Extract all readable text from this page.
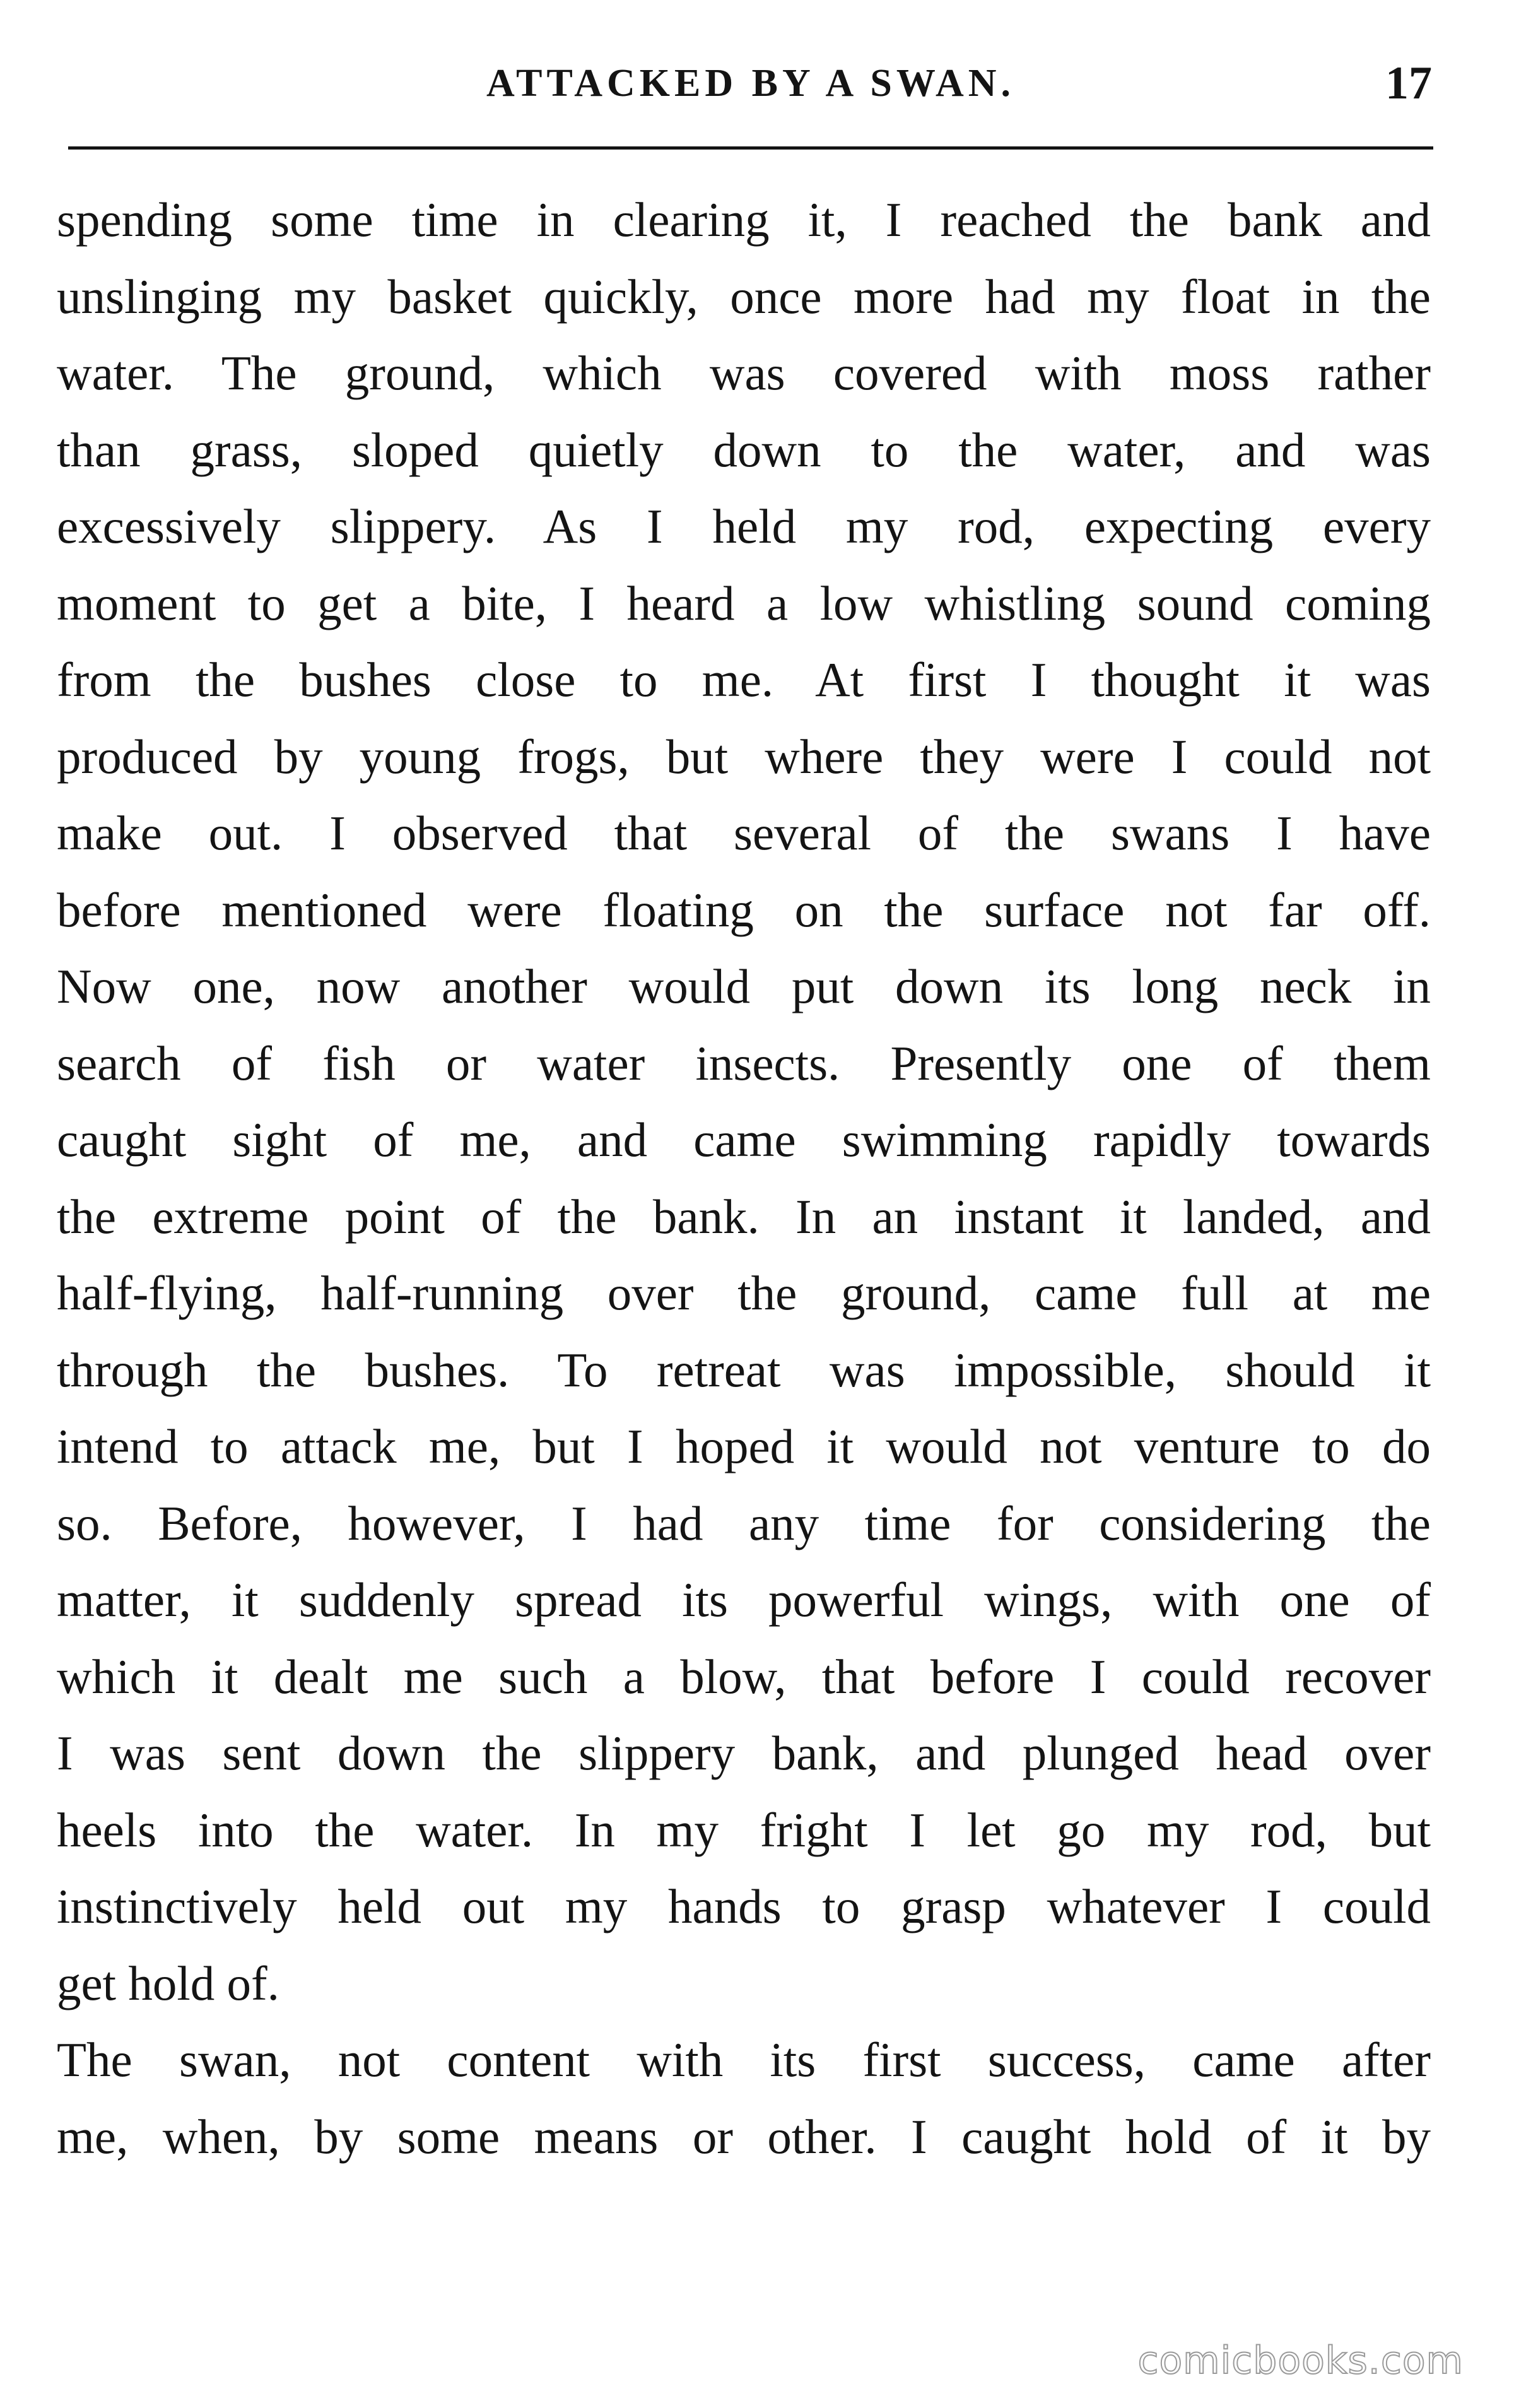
ATTACKED BY A SWAN.	17
spending some time in clearing it, I reached the bank and
unslinging my basket quickly, once more had my float in the
water. The ground, which was covered with moss rather
than grass, sloped quietly down to the water, and was
excessively slippery. As I held my rod, expecting every
moment to get a bite, I heard a low whistling sound coming
from the bushes close to me. At first I thought it was
produced by young frogs, but where they were I could not
make out. I observed that several of the swans I have
before mentioned were floating on the surface not far off.
Now one, now another would put down its long neck in
search of fish or water insects. Presently one of them
caught sight of me, and came swimming rapidly towards
the extreme point of the bank. In an instant it landed, and
half-flying, half-running over the ground, came full at me
through the bushes. To retreat was impossible, should it
intend to attack me, but I hoped it would not venture to do
so. Before, however, I had any time for considering the
matter, it suddenly spread its powerful wings, with one of
which it dealt me such a blow, that before I could recover
I was sent down the slippery bank, and plunged head over
heels into the water. In my fright I let go my rod, but
instinctively held out my hands to grasp whatever I could
get hold of.
The swan, not content with its first success, came after
me, when, by some means or other. I caught hold of it by
comicbooks.com
